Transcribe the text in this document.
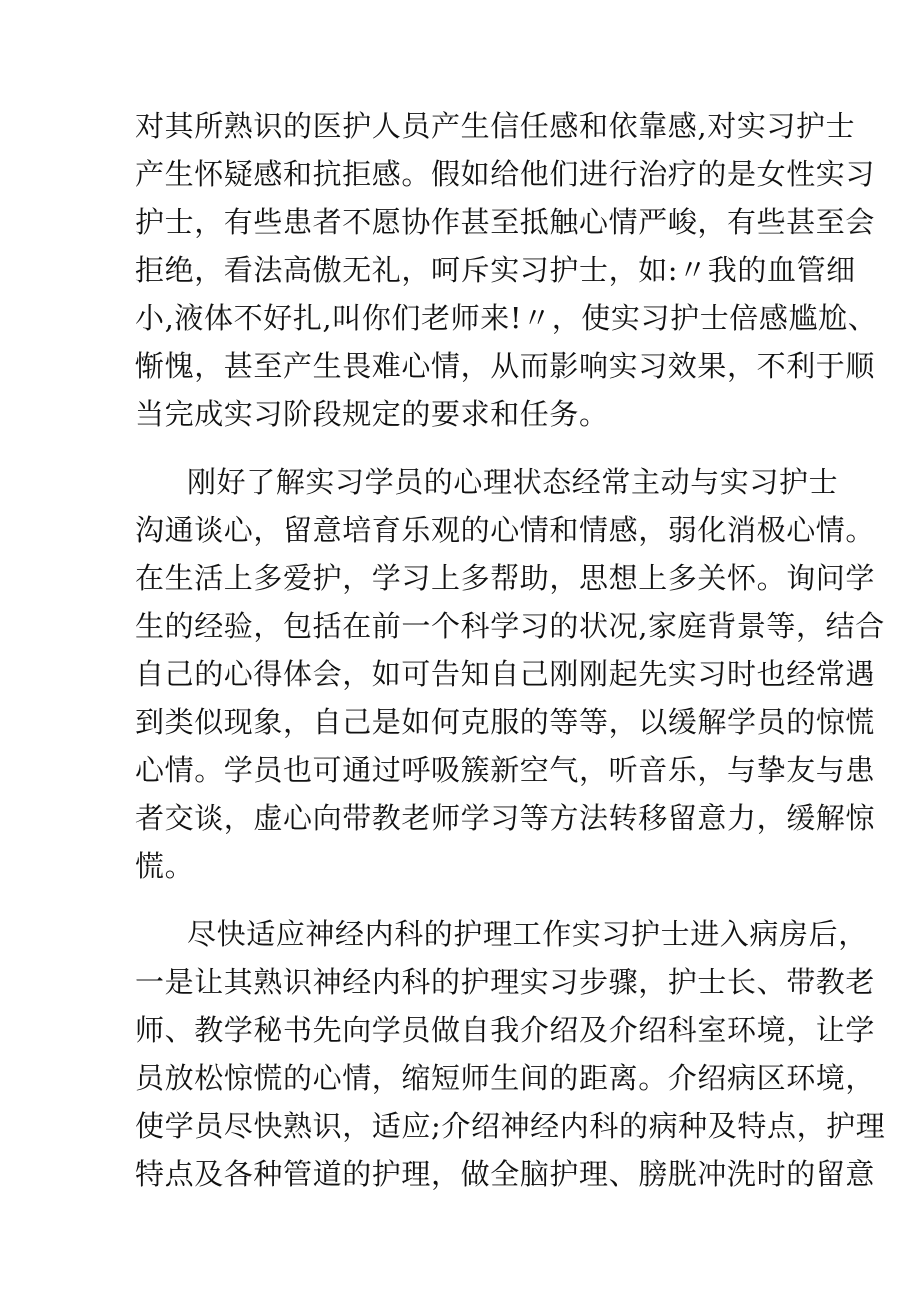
对其所熟识的医护人员产生信任感和依靠感,对实习护士
产生怀疑感和抗拒感。假如给他们进行治疗的是女性实习
护士，有些患者不愿协作甚至抵触心情严峻，有些甚至会
拒绝，看法高傲无礼，呵斥实习护士，如:〃我的血管细
小,液体不好扎,叫你们老师来!〃，使实习护士倍感尴尬、
惭愧，甚至产生畏难心情，从而影响实习效果，不利于顺
当完成实习阶段规定的要求和任务。
刚好了解实习学员的心理状态经常主动与实习护士
沟通谈心，留意培育乐观的心情和情感，弱化消极心情。
在生活上多爱护，学习上多帮助，思想上多关怀。询问学
生的经验，包括在前一个科学习的状况,家庭背景等，结合
自己的心得体会，如可告知自己刚刚起先实习时也经常遇
到类似现象，自己是如何克服的等等，以缓解学员的惊慌
心情。学员也可通过呼吸簇新空气，听音乐，与挚友与患
者交谈，虚心向带教老师学习等方法转移留意力，缓解惊
慌。
尽快适应神经内科的护理工作实习护士进入病房后，
一是让其熟识神经内科的护理实习步骤，护士长、带教老
师、教学秘书先向学员做自我介绍及介绍科室环境，让学
员放松惊慌的心情，缩短师生间的距离。介绍病区环境，
使学员尽快熟识，适应;介绍神经内科的病种及特点，护理
特点及各种管道的护理，做全脑护理、膀胱冲洗时的留意
